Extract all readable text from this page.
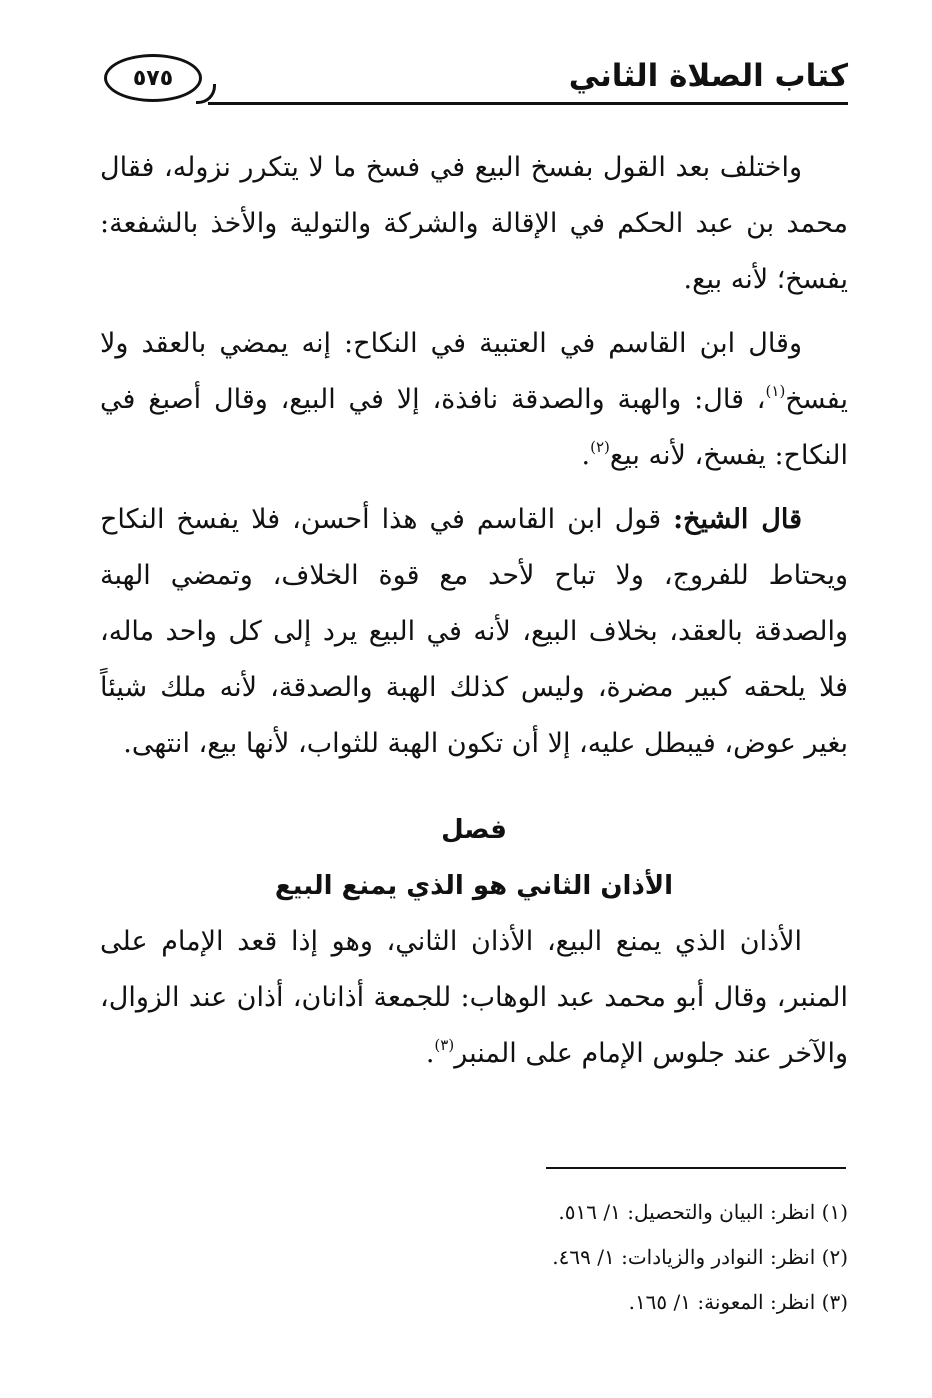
كتاب الصلاة الثاني
٥٧٥

واختلف بعد القول بفسخ البيع في فسخ ما لا يتكرر نزوله، فقال محمد بن عبد الحكم في الإقالة والشركة والتولية والأخذ بالشفعة: يفسخ؛ لأنه بيع.

وقال ابن القاسم في العتبية في النكاح: إنه يمضي بالعقد ولا يفسخ$^{(١)}$، قال: والهبة والصدقة نافذة، إلا في البيع، وقال أصبغ في النكاح: يفسخ، لأنه بيع$^{(٢)}$.

قال الشيخ: قول ابن القاسم في هذا أحسن، فلا يفسخ النكاح ويحتاط للفروج، ولا تباح لأحد مع قوة الخلاف، وتمضي الهبة والصدقة بالعقد، بخلاف البيع، لأنه في البيع يرد إلى كل واحد ماله، فلا يلحقه كبير مضرة، وليس كذلك الهبة والصدقة، لأنه ملك شيئاً بغير عوض، فيبطل عليه، إلا أن تكون الهبة للثواب، لأنها بيع، انتهى.

فصل
الأذان الثاني هو الذي يمنع البيع

الأذان الذي يمنع البيع، الأذان الثاني، وهو إذا قعد الإمام على المنبر، وقال أبو محمد عبد الوهاب: للجمعة أذانان، أذان عند الزوال، والآخر عند جلوس الإمام على المنبر$^{(٣)}$.

(١) انظر: البيان والتحصيل: ١/ ٥١٦.

(٢) انظر: النوادر والزيادات: ١/ ٤٦٩.

(٣) انظر: المعونة: ١/ ١٦٥.
